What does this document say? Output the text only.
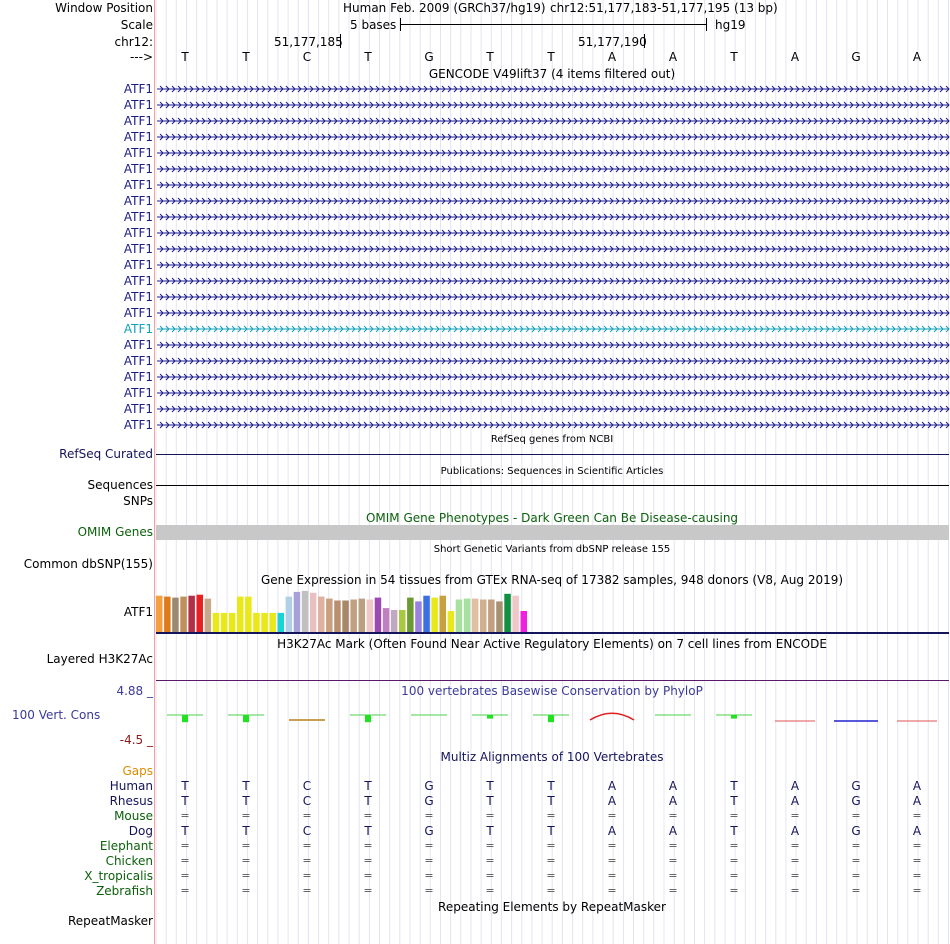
Window Position	Human Feb. 2009 (GRCh37/hg19) chr12:51,177,183-51,177,195 (13 bp)
Scale	5 bases	hg19
chr12:	51,177,185	51,177,190
---> T	T	C	T	G	T	T	A	A	T	A	G	A
GENCODE V49lift37 (4 items filtered out)
ATF1
ATF1
ATF1
ATF1
ATF1
ATF1
ATF1
ATF1
ATF1
ATF1
ATF1
ATF1
ATF1
ATF1
ATF1
ATF1
ATF1
ATF1
ATF1
ATF1
ATF1
ATF1
RefSeq genes from NCBI
RefSeq Curated
Publications: Sequences in Scientific Articles
Sequences
SNPs
OMIM Gene Phenotypes - Dark Green Can Be Disease-causing
OMIM Genes
Short Genetic Variants from dbSNP release 155
Common dbSNP(155)
Gene Expression in 54 tissues from GTEx RNA-seq of 17382 samples, 948 donors (V8, Aug 2019)
ATF1
H3K27Ac Mark (Often Found Near Active Regulatory Elements) on 7 cell lines from ENCODE
Layered H3K27Ac
100 vertebrates Basewise Conservation by PhyloP
4.88 _
100 Vert. Cons
-4.5 _
Multiz Alignments of 100 Vertebrates
Gaps
Human T	T	C	T	G	T	T	A	A	T	A	G	A
Rhesus T	T	C	T	G	T	T	A	A	T	A	G	A
Mouse =	=	=	=	=	=	=	=	=	=	=	=	=
Dog T	T	C	T	G	T	T	A	A	T	A	G	A
Elephant =	=	=	=	=	=	=	=	=	=	=	=	=
Chicken =	=	=	=	=	=	=	=	=	=	=	=	=
X_tropicalis =	=	=	=	=	=	=	=	=	=	=	=	=
Zebrafish =	=	=	=	=	=	=	=	=	=	=	=	=
Repeating Elements by RepeatMasker
RepeatMasker
